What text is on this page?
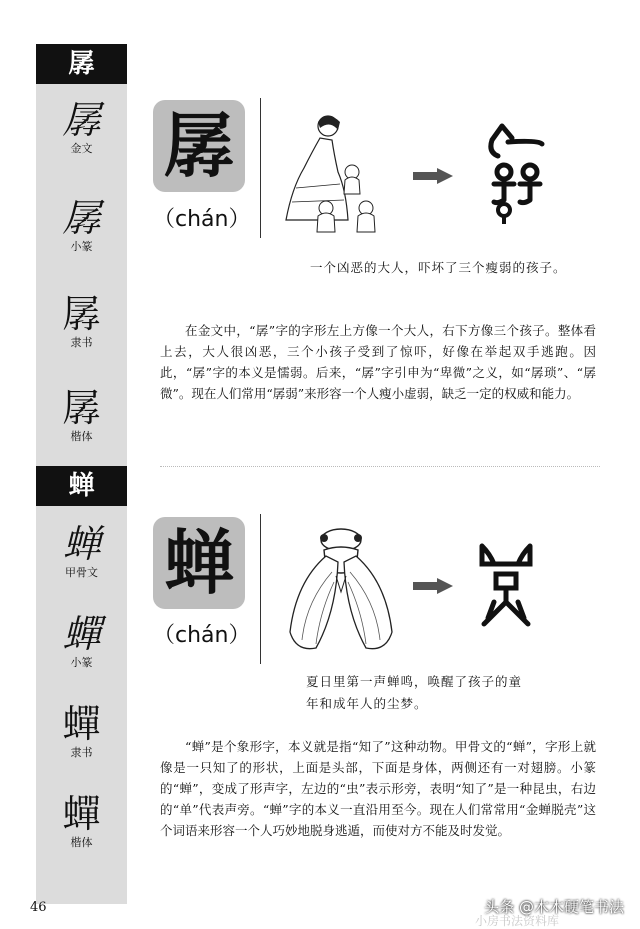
孱
孱
金文
孱
小篆
孱
隶书
孱
楷体
孱
（chán）
一个凶恶的大人，吓坏了三个瘦弱的孩子。
在金文中，“孱”字的字形左上方像一个大人，右下方像三个孩子。整体看上去，大人很凶恶，三个小孩子受到了惊吓，好像在举起双手逃跑。因此，“孱”字的本义是懦弱。后来，“孱”字引申为“卑微”之义，如“孱琐”、“孱微”。现在人们常用“孱弱”来形容一个人瘦小虚弱，缺乏一定的权威和能力。
蝉
蝉
甲骨文
蟬
小篆
蟬
隶书
蟬
楷体
蝉
（chán）
夏日里第一声蝉鸣，唤醒了孩子的童
年和成年人的尘梦。
“蝉”是个象形字，本义就是指“知了”这种动物。甲骨文的“蝉”，字形上就像是一只知了的形状，上面是头部，下面是身体，两侧还有一对翅膀。小篆的“蝉”，变成了形声字，左边的“虫”表示形旁，表明“知了”是一种昆虫，右边的“单”代表声旁。“蝉”字的本义一直沿用至今。现在人们常常用“金蝉脱壳”这个词语来形容一个人巧妙地脱身逃遁，而使对方不能及时发觉。
46
小房书法资料库
头条 @木木硬笔书法
